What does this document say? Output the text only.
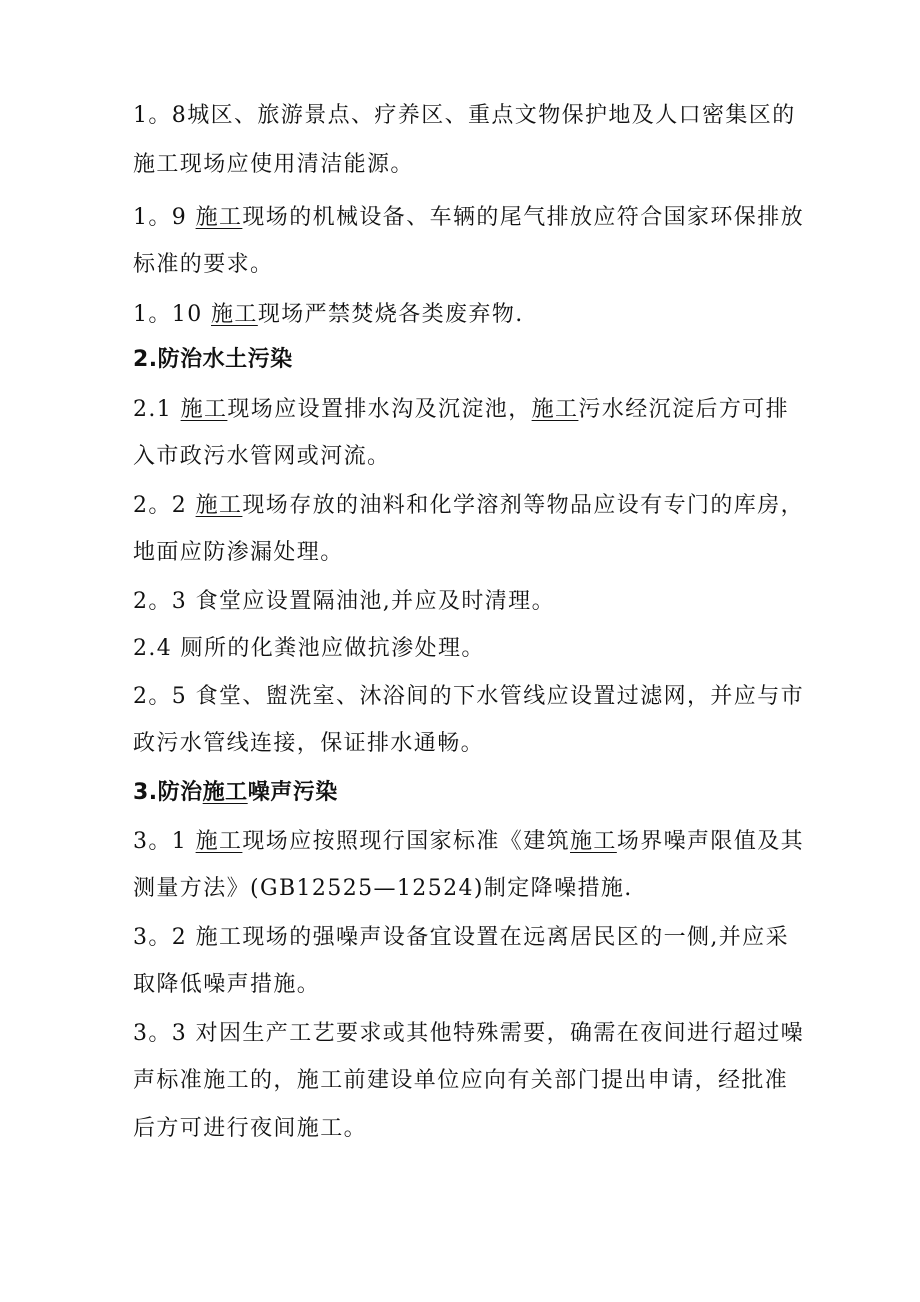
1。8城区、旅游景点、疗养区、重点文物保护地及人口密集区的
施工现场应使用清洁能源。
1。9 施工现场的机械设备、车辆的尾气排放应符合国家环保排放
标准的要求。
1。10 施工现场严禁焚烧各类废弃物.
2.防治水土污染
2.1 施工现场应设置排水沟及沉淀池，施工污水经沉淀后方可排
入市政污水管网或河流。
2。2 施工现场存放的油料和化学溶剂等物品应设有专门的库房，
地面应防渗漏处理。
2。3 食堂应设置隔油池,并应及时清理。
2.4 厕所的化粪池应做抗渗处理。
2。5 食堂、盥洗室、沐浴间的下水管线应设置过滤网，并应与市
政污水管线连接，保证排水通畅。
3.防治施工噪声污染
3。1 施工现场应按照现行国家标准《建筑施工场界噪声限值及其
测量方法》(GB12525—12524)制定降噪措施.
3。2 施工现场的强噪声设备宜设置在远离居民区的一侧,并应采
取降低噪声措施。
3。3 对因生产工艺要求或其他特殊需要，确需在夜间进行超过噪
声标准施工的，施工前建设单位应向有关部门提出申请，经批准
后方可进行夜间施工。
